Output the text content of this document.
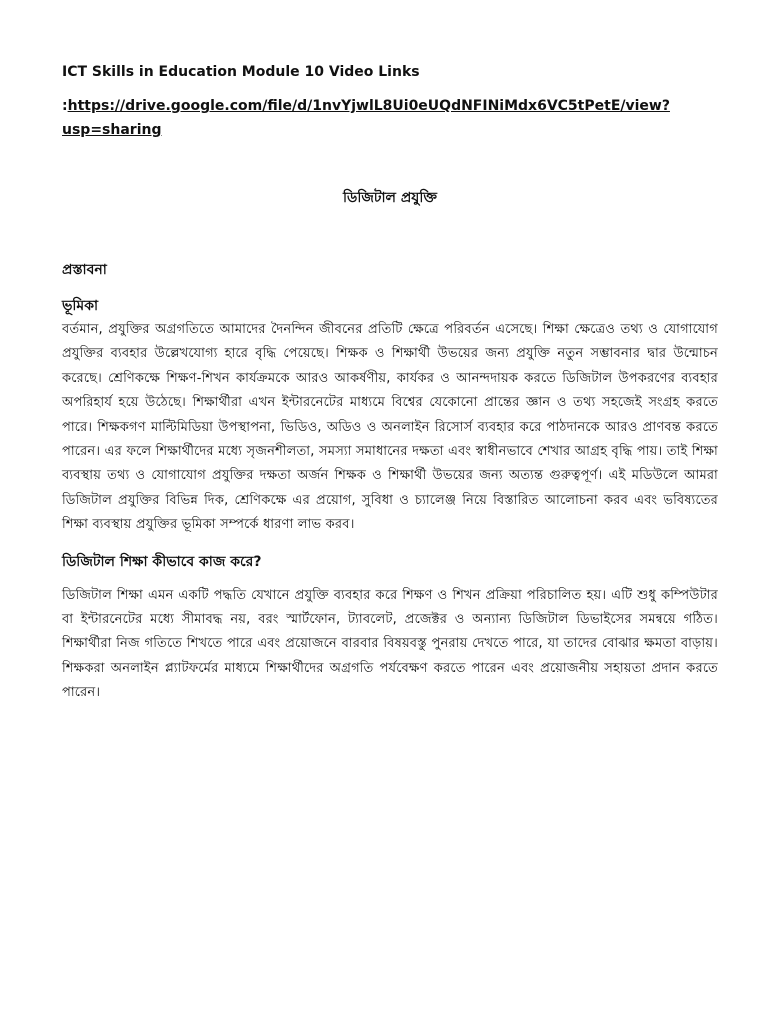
ICT Skills in Education Module 10 Video Links

:https://drive.google.com/file/d/1nvYjwlL8Ui0eUQdNFINiMdx6VC5tPetE/view?usp=sharing

ডিজিটাল প্রযুক্তি

প্রস্তাবনা

ভূমিকা

বর্তমান, প্রযুক্তির অগ্রগতিতে আমাদের দৈনন্দিন জীবনের প্রতিটি ক্ষেত্রে পরিবর্তন এসেছে। শিক্ষা ক্ষেত্রেও তথ্য ও যোগাযোগ প্রযুক্তির ব্যবহার উল্লেখযোগ্য হারে বৃদ্ধি পেয়েছে। শিক্ষক ও শিক্ষার্থী উভয়ের জন্য প্রযুক্তি নতুন সম্ভাবনার দ্বার উন্মোচন করেছে। শ্রেণিকক্ষে শিক্ষণ-শিখন কার্যক্রমকে আরও আকর্ষণীয়, কার্যকর ও আনন্দদায়ক করতে ডিজিটাল উপকরণের ব্যবহার অপরিহার্য হয়ে উঠেছে। শিক্ষার্থীরা এখন ইন্টারনেটের মাধ্যমে বিশ্বের যেকোনো প্রান্তের জ্ঞান ও তথ্য সহজেই সংগ্রহ করতে পারে। শিক্ষকগণ মাল্টিমিডিয়া উপস্থাপনা, ভিডিও, অডিও ও অনলাইন রিসোর্স ব্যবহার করে পাঠদানকে আরও প্রাণবন্ত করতে পারেন। এর ফলে শিক্ষার্থীদের মধ্যে সৃজনশীলতা, সমস্যা সমাধানের দক্ষতা এবং স্বাধীনভাবে শেখার আগ্রহ বৃদ্ধি পায়। তাই শিক্ষা ব্যবস্থায় তথ্য ও যোগাযোগ প্রযুক্তির দক্ষতা অর্জন শিক্ষক ও শিক্ষার্থী উভয়ের জন্য অত্যন্ত গুরুত্বপূর্ণ। এই মডিউলে আমরা ডিজিটাল প্রযুক্তির বিভিন্ন দিক, শ্রেণিকক্ষে এর প্রয়োগ, সুবিধা ও চ্যালেঞ্জ নিয়ে বিস্তারিত আলোচনা করব এবং ভবিষ্যতের শিক্ষা ব্যবস্থায় প্রযুক্তির ভূমিকা সম্পর্কে ধারণা লাভ করব।

ডিজিটাল শিক্ষা কীভাবে কাজ করে?

ডিজিটাল শিক্ষা এমন একটি পদ্ধতি যেখানে প্রযুক্তি ব্যবহার করে শিক্ষণ ও শিখন প্রক্রিয়া পরিচালিত হয়। এটি শুধু কম্পিউটার বা ইন্টারনেটের মধ্যে সীমাবদ্ধ নয়, বরং স্মার্টফোন, ট্যাবলেট, প্রজেক্টর ও অন্যান্য ডিজিটাল ডিভাইসের সমন্বয়ে গঠিত। শিক্ষার্থীরা নিজ গতিতে শিখতে পারে এবং প্রয়োজনে বারবার বিষয়বস্তু পুনরায় দেখতে পারে, যা তাদের বোঝার ক্ষমতা বাড়ায়। শিক্ষকরা অনলাইন প্ল্যাটফর্মের মাধ্যমে শিক্ষার্থীদের অগ্রগতি পর্যবেক্ষণ করতে পারেন এবং প্রয়োজনীয় সহায়তা প্রদান করতে পারেন।
